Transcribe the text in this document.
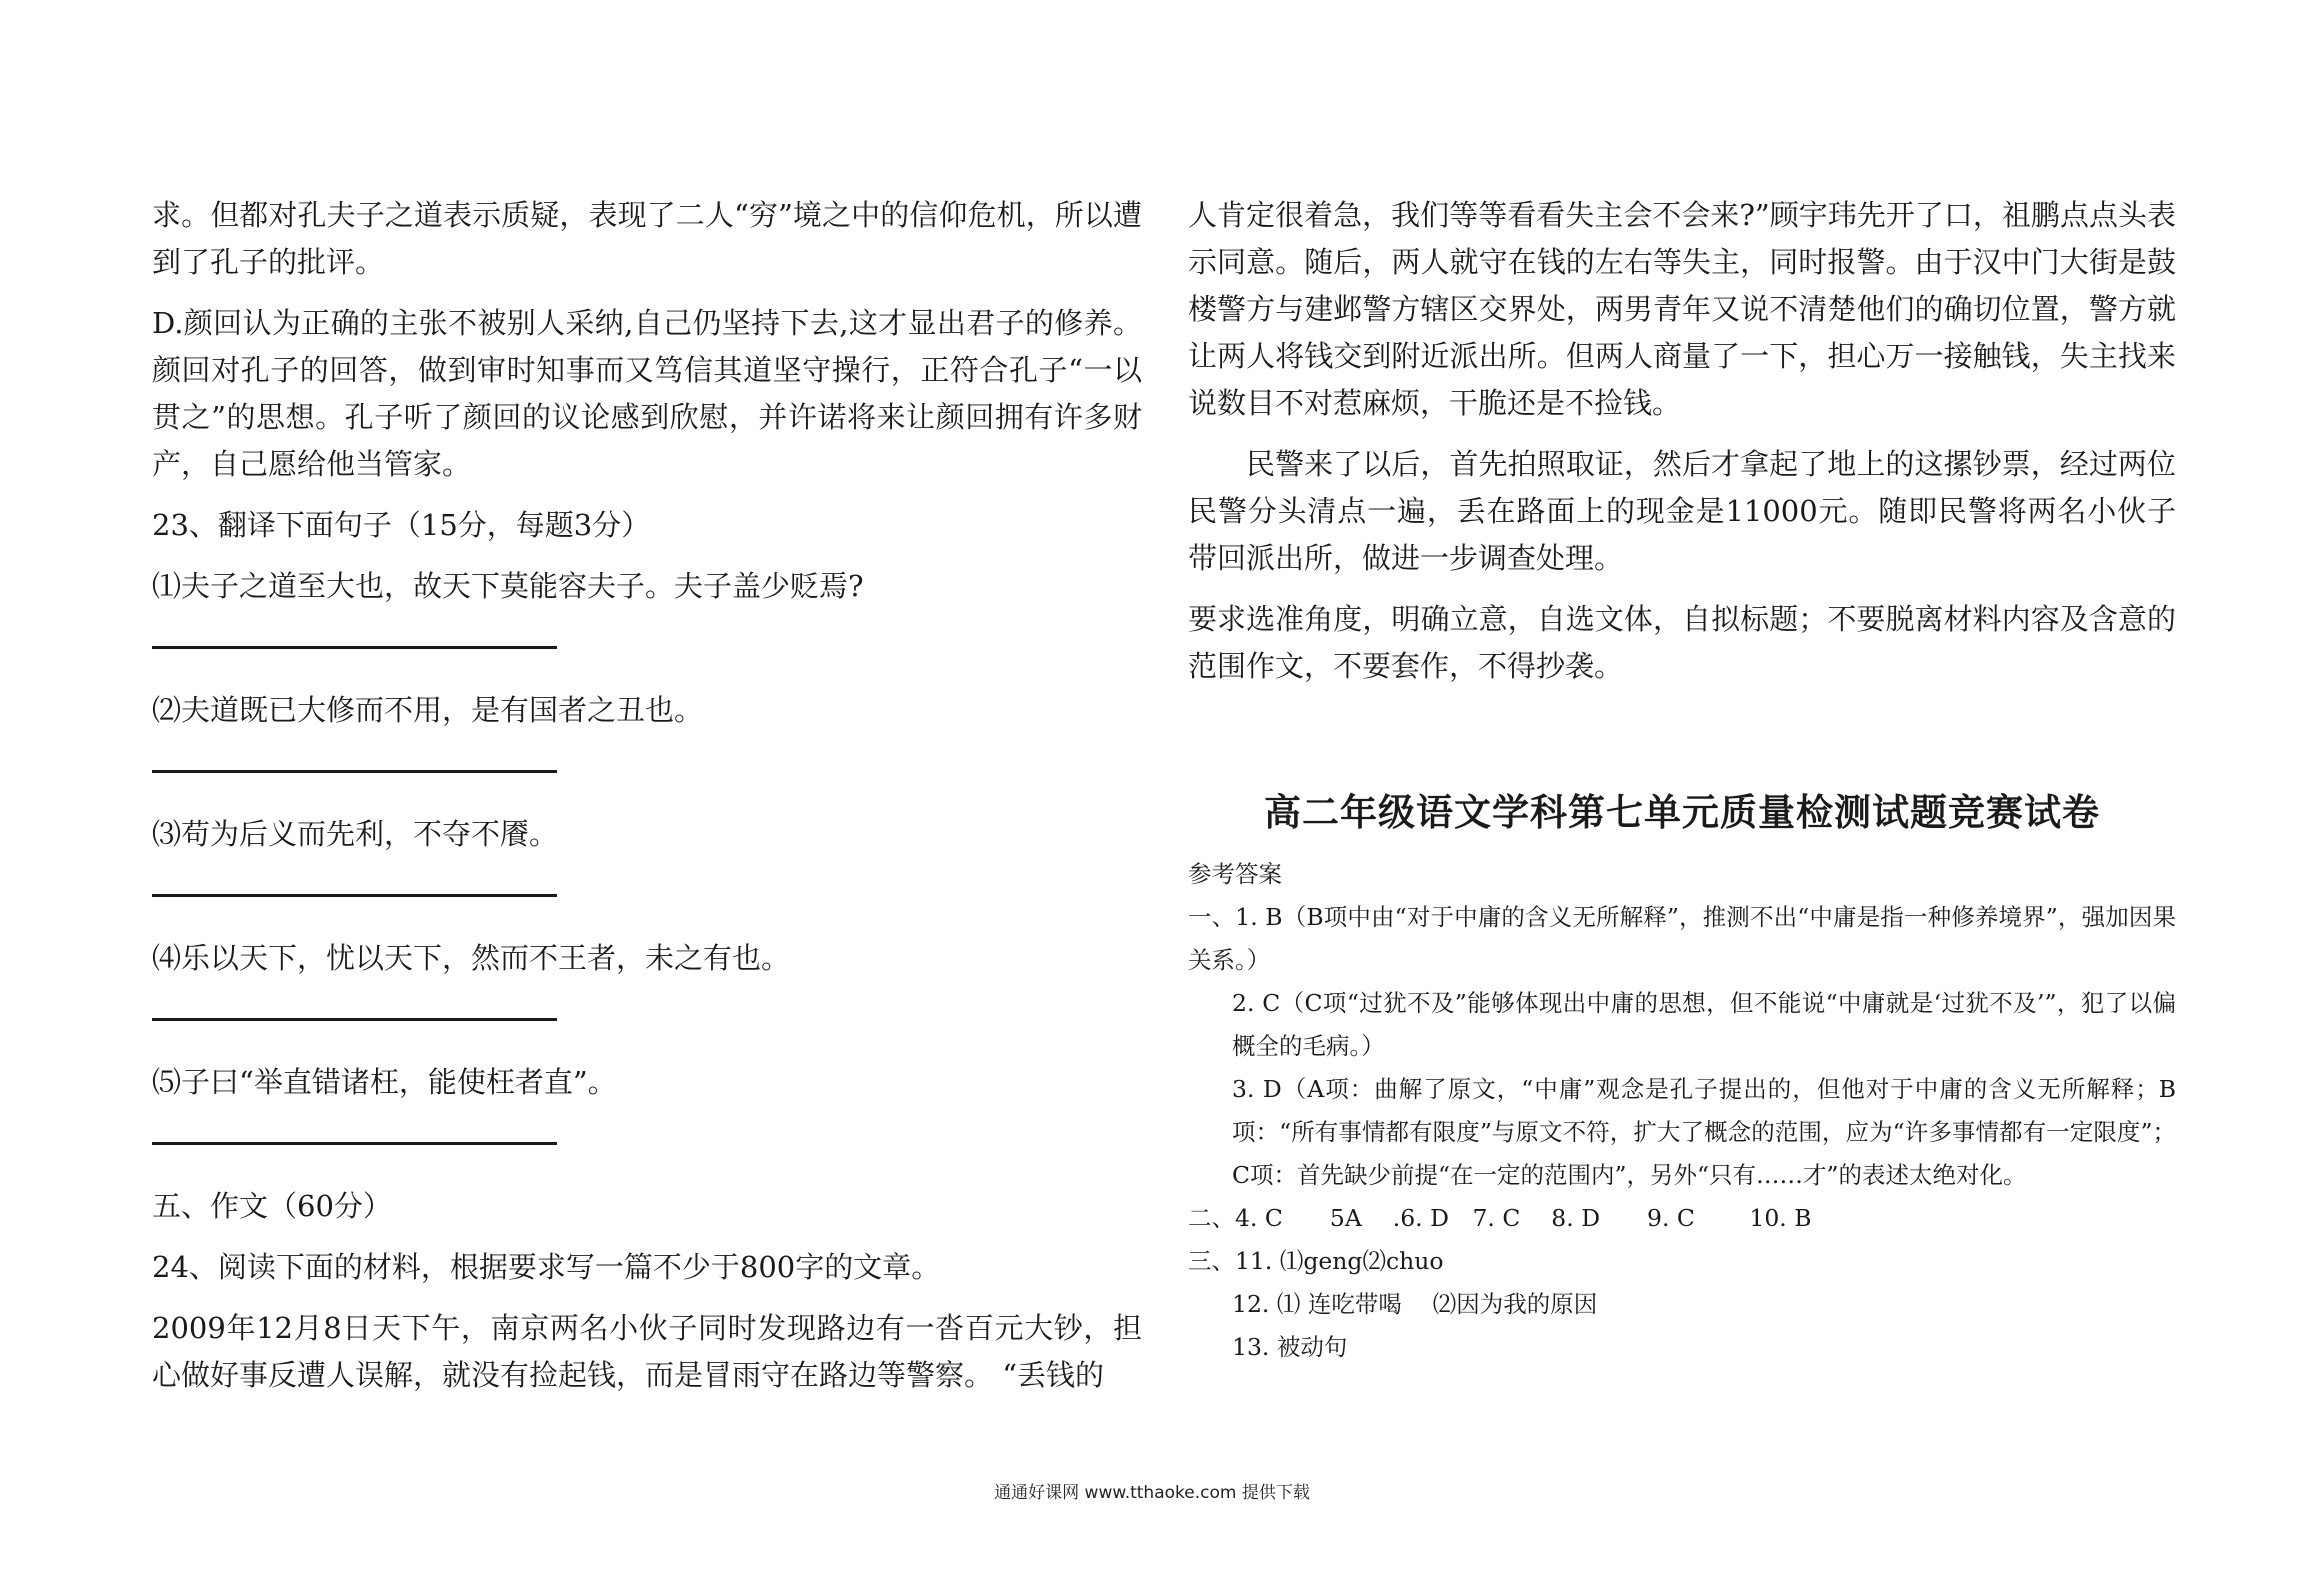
求。但都对孔夫子之道表示质疑，表现了二人“穷”境之中的信仰危机，所以遭到了孔子的批评。

D.颜回认为正确的主张不被别人采纳,自己仍坚持下去,这才显出君子的修养。颜回对孔子的回答，做到审时知事而又笃信其道坚守操行，正符合孔子“一以贯之”的思想。孔子听了颜回的议论感到欣慰，并许诺将来让颜回拥有许多财产，自己愿给他当管家。

23、翻译下面句子（15分，每题3分）

⑴夫子之道至大也，故天下莫能容夫子。夫子盖少贬焉?

⑵夫道既已大修而不用，是有国者之丑也。

⑶苟为后义而先利，不夺不餍。

⑷乐以天下，忧以天下，然而不王者，未之有也。

⑸子曰“举直错诸枉，能使枉者直”。

五、作文（60分）

24、阅读下面的材料，根据要求写一篇不少于800字的文章。

2009年12月8日天下午，南京两名小伙子同时发现路边有一沓百元大钞，担心做好事反遭人误解，就没有捡起钱，而是冒雨守在路边等警察。 “丢钱的

人肯定很着急，我们等等看看失主会不会来?”顾宇玮先开了口，祖鹏点点头表示同意。随后，两人就守在钱的左右等失主，同时报警。由于汉中门大街是鼓楼警方与建邺警方辖区交界处，两男青年又说不清楚他们的确切位置，警方就让两人将钱交到附近派出所。但两人商量了一下，担心万一接触钱，失主找来说数目不对惹麻烦，干脆还是不捡钱。

民警来了以后，首先拍照取证，然后才拿起了地上的这摞钞票，经过两位民警分头清点一遍，丢在路面上的现金是11000元。随即民警将两名小伙子带回派出所，做进一步调查处理。

要求选准角度，明确立意，自选文体，自拟标题；不要脱离材料内容及含意的范围作文，不要套作，不得抄袭。

高二年级语文学科第七单元质量检测试题竞赛试卷

参考答案

一、1. B（B项中由“对于中庸的含义无所解释”，推测不出“中庸是指一种修养境界”，强加因果关系。）

2. C（C项“过犹不及”能够体现出中庸的思想，但不能说“中庸就是‘过犹不及’”，犯了以偏概全的毛病。）

3. D（A项：曲解了原文，“中庸”观念是孔子提出的，但他对于中庸的含义无所解释；B项：“所有事情都有限度”与原文不符，扩大了概念的范围，应为“许多事情都有一定限度”； C项：首先缺少前提“在一定的范围内”，另外“只有……才”的表述太绝对化。

二、4. C　　5A　 .6. D　7. C　 8. D　　9. C　　 10. B

三、11. ⑴geng⑵chuo

12. ⑴ 连吃带喝　 ⑵因为我的原因

13. 被动句

通通好课网 www.tthaoke.com 提供下载
